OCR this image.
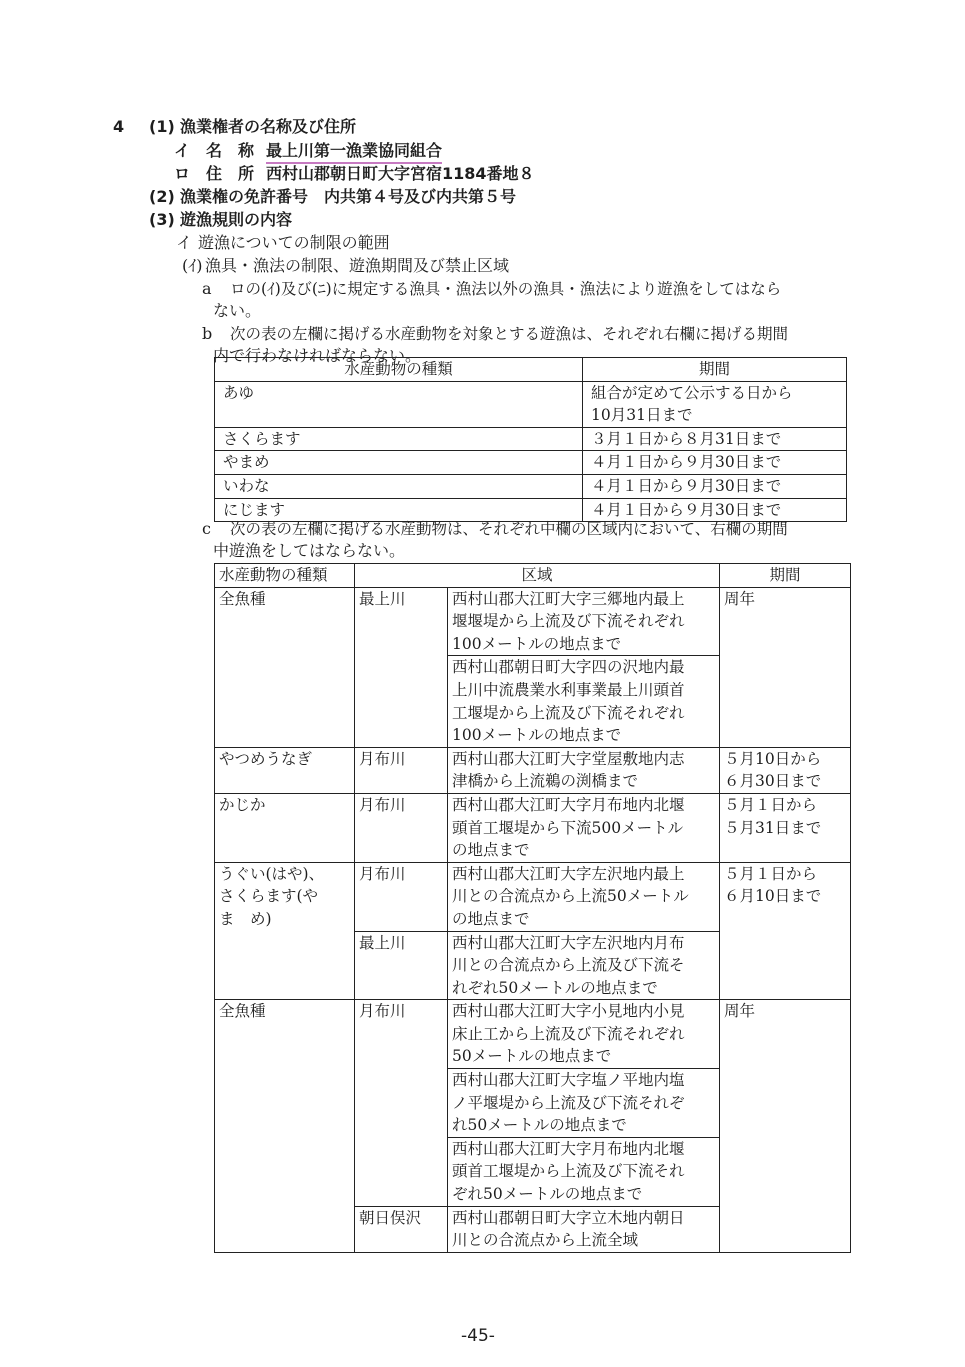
4 (1) 漁業権者の名称及び住所
イ　名　称 最上川第一漁業協同組合
ロ　住　所 西村山郡朝日町大字宮宿1184番地８
(2) 漁業権の免許番号　内共第４号及び内共第５号
(3) 遊漁規則の内容
イ 遊漁についての制限の範囲
(ｲ) 漁具・漁法の制限、遊漁期間及び禁止区域
a ロの(ｲ)及び(ﾆ)に規定する漁具・漁法以外の漁具・漁法により遊漁をしてはなら
ない。
b 次の表の左欄に掲げる水産動物を対象とする遊漁は、それぞれ右欄に掲げる期間
内で行わなければならない。
水産動物の種類	期間
あゆ	組合が定めて公示する日から
10月31日まで

さくらます	３月１日から８月31日まで
やまめ	４月１日から９月30日まで
いわな	４月１日から９月30日まで
にじます	４月１日から９月30日まで
c 次の表の左欄に掲げる水産動物は、それぞれ中欄の区域内において、右欄の期間
中遊漁をしてはならない。
水産動物の種類	区域		期間
全魚種	最上川	西村山郡大江町大字三郷地内最上
堰堰堤から上流及び下流それぞれ
100メートルの地点まで	周年

		西村山郡朝日町大字四の沢地内最
上川中流農業水利事業最上川頭首
工堰堤から上流及び下流それぞれ
100メートルの地点まで	

やつめうなぎ	月布川	西村山郡大江町大字堂屋敷地内志
津橋から上流鵜の渕橋まで	５月10日から
６月30日まで

かじか	月布川	西村山郡大江町大字月布地内北堰
頭首工堰堤から下流500メートル
の地点まで	５月１日から
５月31日まで

うぐい(はや)、
さくらます(や
ま　め)	月布川	西村山郡大江町大字左沢地内最上
川との合流点から上流50メートル
の地点まで	５月１日から
６月10日まで

	最上川	西村山郡大江町大字左沢地内月布
川との合流点から上流及び下流そ
れぞれ50メートルの地点まで	

全魚種	月布川	西村山郡大江町大字小見地内小見
床止工から上流及び下流それぞれ
50メートルの地点まで	周年

		西村山郡大江町大字塩ノ平地内塩
ノ平堰堤から上流及び下流それぞ
れ50メートルの地点まで	

		西村山郡大江町大字月布地内北堰
頭首工堰堤から上流及び下流それ
ぞれ50メートルの地点まで	

	朝日俣沢	西村山郡朝日町大字立木地内朝日
川との合流点から上流全域	
-45-
